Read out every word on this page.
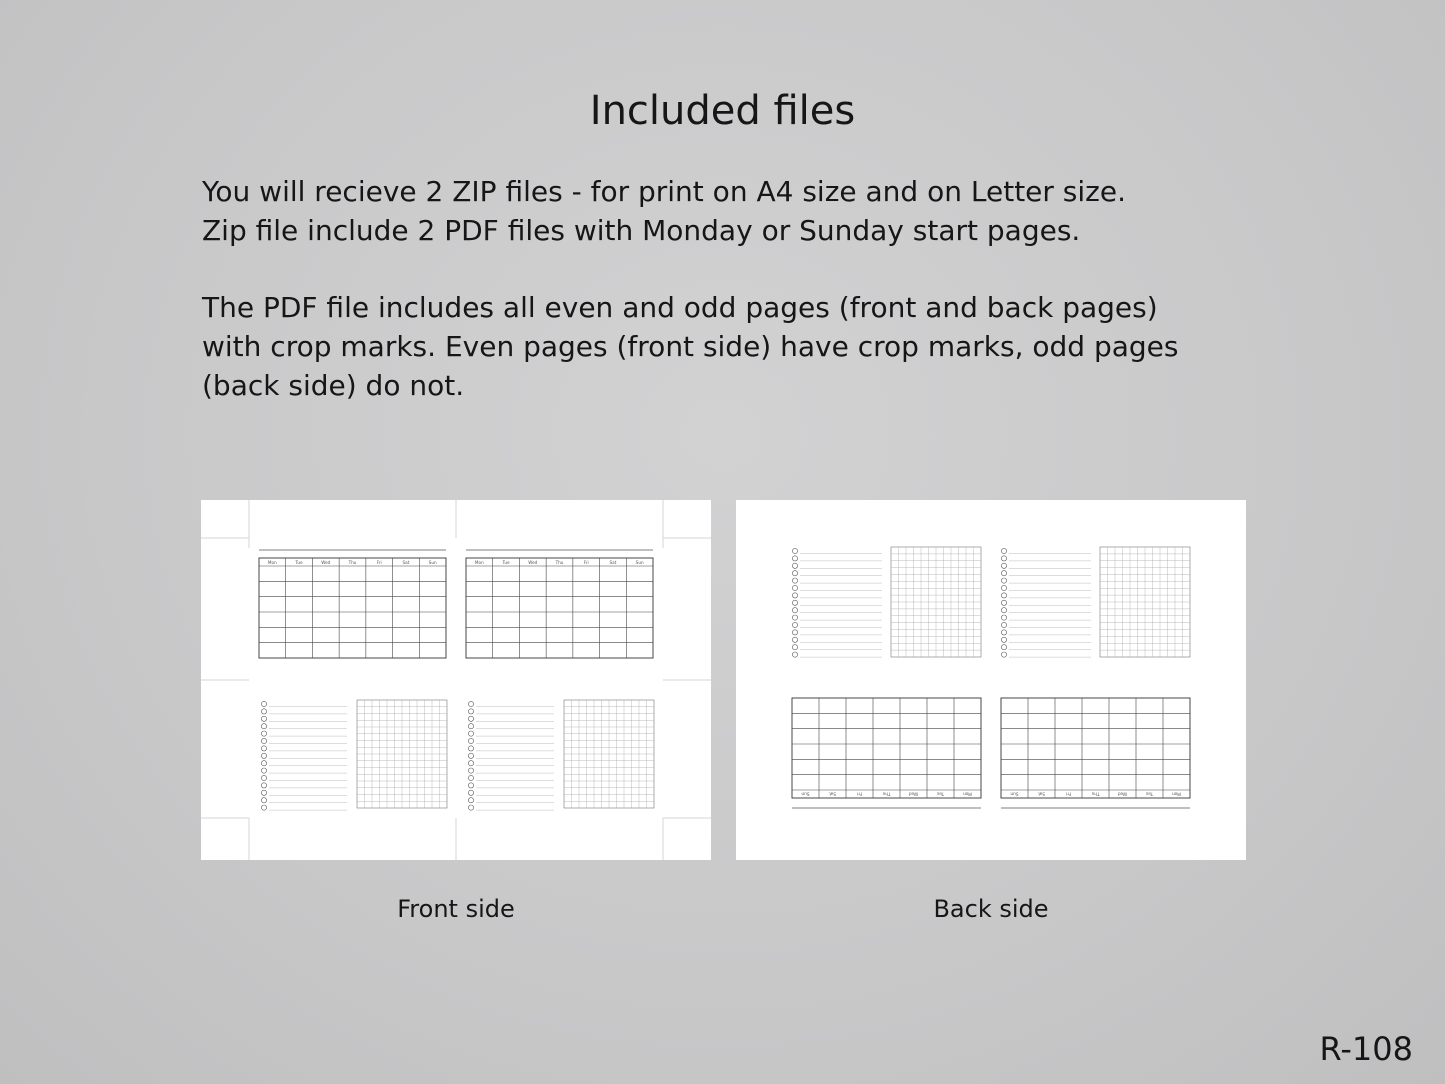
Included files
You will recieve 2 ZIP files - for print on A4 size and on Letter size.
Zip file include 2 PDF files with Monday or Sunday start pages.
The PDF file includes all even and odd pages (front and back pages)
with crop marks. Even pages (front side) have crop marks, odd pages
(back side) do not.
Mon	Tue	Wed	Thu	Fri	Sat	Sun	Mon	Tue	Wed	Thu	Fri	Sat	Sun
Sun	Sat	Fri	Thu	Wed	Tue	Mon	Sun	Sat	Fri	Thu	Wed	Tue	Mon
Front side	Back side
R-108
